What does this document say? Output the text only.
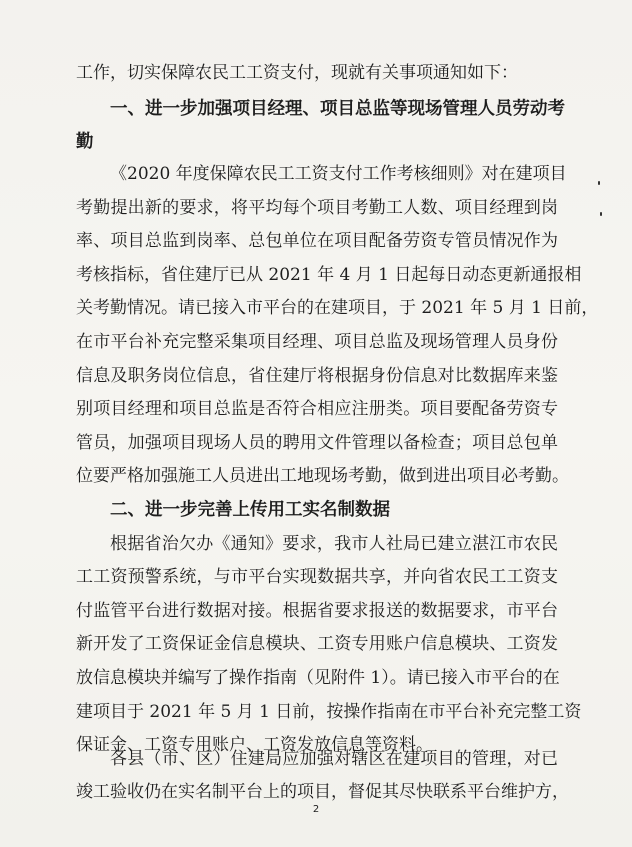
工作，切实保障农民工工资支付，现就有关事项通知如下：
一、进一步加强项目经理、项目总监等现场管理人员劳动考
勤
《2020 年度保障农民工工资支付工作考核细则》对在建项目
考勤提出新的要求，将平均每个项目考勤工人数、项目经理到岗
率、项目总监到岗率、总包单位在项目配备劳资专管员情况作为
考核指标，省住建厅已从 2021 年 4 月 1 日起每日动态更新通报相
关考勤情况。请已接入市平台的在建项目，于 2021 年 5 月 1 日前，
在市平台补充完整采集项目经理、项目总监及现场管理人员身份
信息及职务岗位信息，省住建厅将根据身份信息对比数据库来鉴
别项目经理和项目总监是否符合相应注册类。项目要配备劳资专
管员，加强项目现场人员的聘用文件管理以备检查；项目总包单
位要严格加强施工人员进出工地现场考勤，做到进出项目必考勤。
二、进一步完善上传用工实名制数据
根据省治欠办《通知》要求，我市人社局已建立湛江市农民
工工资预警系统，与市平台实现数据共享，并向省农民工工资支
付监管平台进行数据对接。根据省要求报送的数据要求，市平台
新开发了工资保证金信息模块、工资专用账户信息模块、工资发
放信息模块并编写了操作指南（见附件 1）。请已接入市平台的在
建项目于 2021 年 5 月 1 日前，按操作指南在市平台补充完整工资
保证金、工资专用账户、工资发放信息等资料。
各县（市、区）住建局应加强对辖区在建项目的管理，对已
竣工验收仍在实名制平台上的项目，督促其尽快联系平台维护方，
2
